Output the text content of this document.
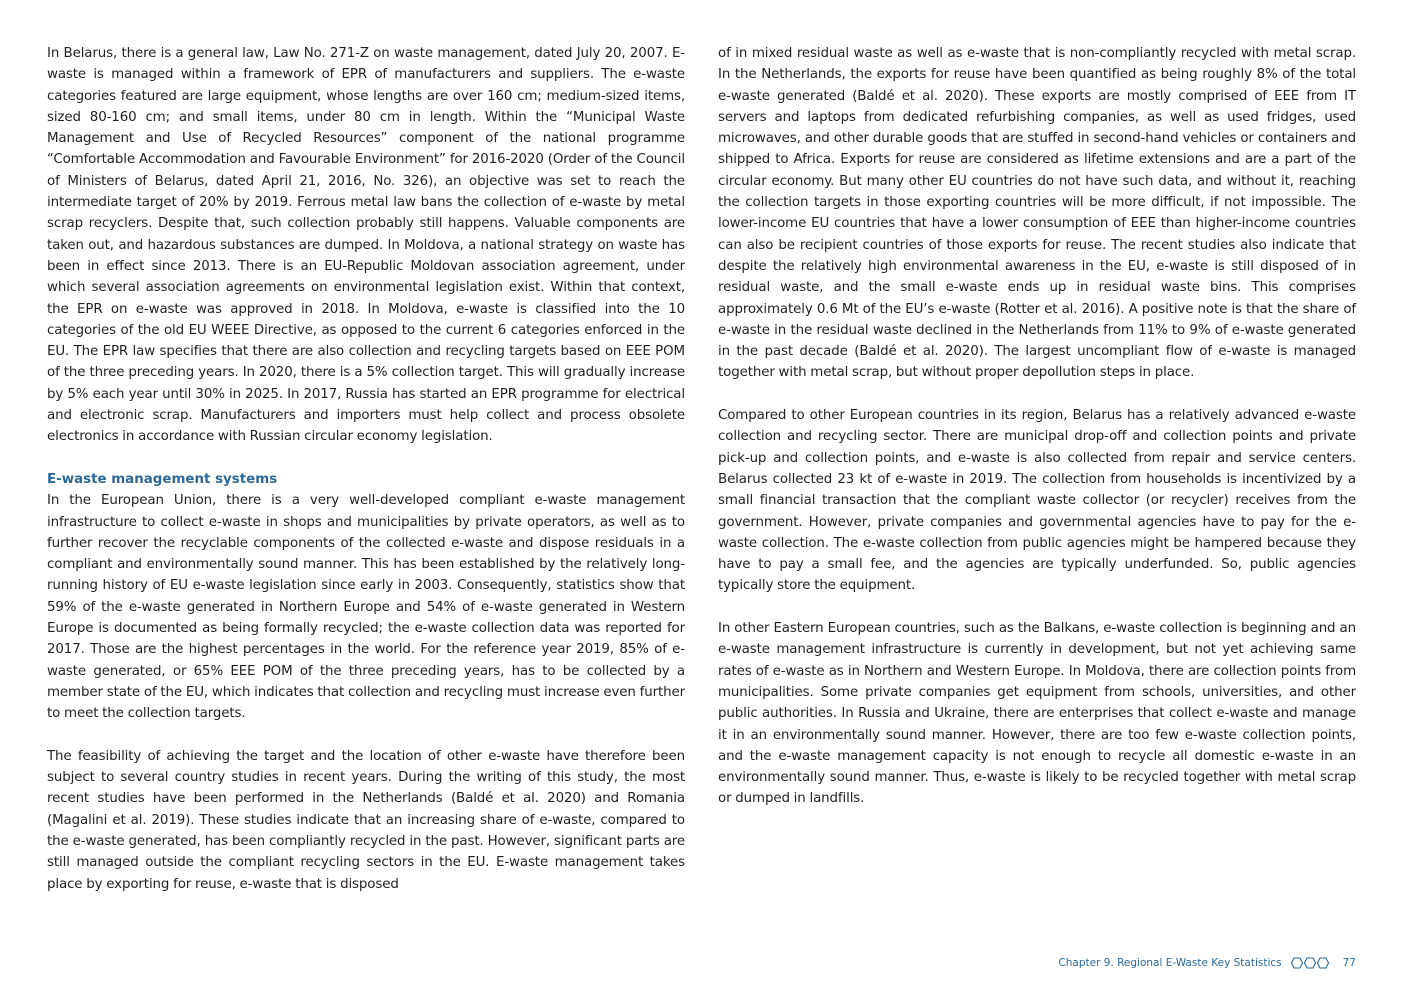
In Belarus, there is a general law, Law No. 271-Z on waste management, dated July 20, 2007. E-waste is managed within a framework of EPR of manufacturers and suppliers. The e-waste categories featured are large equipment, whose lengths are over 160 cm; medium-sized items, sized 80-160 cm; and small items, under 80 cm in length. Within the “Municipal Waste Management and Use of Recycled Resources” component of the national programme “Comfortable Accommodation and Favourable Environment” for 2016-2020 (Order of the Council of Ministers of Belarus, dated April 21, 2016, No. 326), an objective was set to reach the intermediate target of 20% by 2019. Ferrous metal law bans the collection of e-waste by metal scrap recyclers. Despite that, such collection probably still happens. Valuable components are taken out, and hazardous substances are dumped. In Moldova, a national strategy on waste has been in effect since 2013. There is an EU-Republic Moldovan association agreement, under which several association agreements on environmental legislation exist. Within that context, the EPR on e-waste was approved in 2018. In Moldova, e-waste is classified into the 10 categories of the old EU WEEE Directive, as opposed to the current 6 categories enforced in the EU. The EPR law specifies that there are also collection and recycling targets based on EEE POM of the three preceding years. In 2020, there is a 5% collection target. This will gradually increase by 5% each year until 30% in 2025. In 2017, Russia has started an EPR programme for electrical and electronic scrap. Manufacturers and importers must help collect and process obsolete electronics in accordance with Russian circular economy legislation.

E-waste management systems

In the European Union, there is a very well-developed compliant e-waste management infrastructure to collect e-waste in shops and municipalities by private operators, as well as to further recover the recyclable components of the collected e-waste and dispose residuals in a compliant and environmentally sound manner. This has been established by the relatively long-running history of EU e-waste legislation since early in 2003. Consequently, statistics show that 59% of the e-waste generated in Northern Europe and 54% of e-waste generated in Western Europe is documented as being formally recycled; the e-waste collection data was reported for 2017. Those are the highest percentages in the world. For the reference year 2019, 85% of e-waste generated, or 65% EEE POM of the three preceding years, has to be collected by a member state of the EU, which indicates that collection and recycling must increase even further to meet the collection targets.

The feasibility of achieving the target and the location of other e-waste have therefore been subject to several country studies in recent years. During the writing of this study, the most recent studies have been performed in the Netherlands (Baldé et al. 2020) and Romania (Magalini et al. 2019). These studies indicate that an increasing share of e-waste, compared to the e-waste generated, has been compliantly recycled in the past. However, significant parts are still managed outside the compliant recycling sectors in the EU. E-waste management takes place by exporting for reuse, e-waste that is disposed

of in mixed residual waste as well as e-waste that is non-compliantly recycled with metal scrap. In the Netherlands, the exports for reuse have been quantified as being roughly 8% of the total e-waste generated (Baldé et al. 2020). These exports are mostly comprised of EEE from IT servers and laptops from dedicated refurbishing companies, as well as used fridges, used microwaves, and other durable goods that are stuffed in second-hand vehicles or containers and shipped to Africa. Exports for reuse are considered as lifetime extensions and are a part of the circular economy. But many other EU countries do not have such data, and without it, reaching the collection targets in those exporting countries will be more difficult, if not impossible. The lower-income EU countries that have a lower consumption of EEE than higher-income countries can also be recipient countries of those exports for reuse. The recent studies also indicate that despite the relatively high environmental awareness in the EU, e-waste is still disposed of in residual waste, and the small e-waste ends up in residual waste bins. This comprises approximately 0.6 Mt of the EU’s e-waste (Rotter et al. 2016). A positive note is that the share of e-waste in the residual waste declined in the Netherlands from 11% to 9% of e-waste generated in the past decade (Baldé et al. 2020). The largest uncompliant flow of e-waste is managed together with metal scrap, but without proper depollution steps in place.

Compared to other European countries in its region, Belarus has a relatively advanced e-waste collection and recycling sector. There are municipal drop-off and collection points and private pick-up and collection points, and e-waste is also collected from repair and service centers. Belarus collected 23 kt of e-waste in 2019. The collection from households is incentivized by a small financial transaction that the compliant waste collector (or recycler) receives from the government. However, private companies and governmental agencies have to pay for the e-waste collection. The e-waste collection from public agencies might be hampered because they have to pay a small fee, and the agencies are typically underfunded. So, public agencies typically store the equipment.

In other Eastern European countries, such as the Balkans, e-waste collection is beginning and an e-waste management infrastructure is currently in development, but not yet achieving same rates of e-waste as in Northern and Western Europe. In Moldova, there are collection points from municipalities. Some private companies get equipment from schools, universities, and other public authorities. In Russia and Ukraine, there are enterprises that collect e-waste and manage it in an environmentally sound manner. However, there are too few e-waste collection points, and the e-waste management capacity is not enough to recycle all domestic e-waste in an environmentally sound manner. Thus, e-waste is likely to be recycled together with metal scrap or dumped in landfills.

Chapter 9. Regional E-Waste Key Statistics	77
